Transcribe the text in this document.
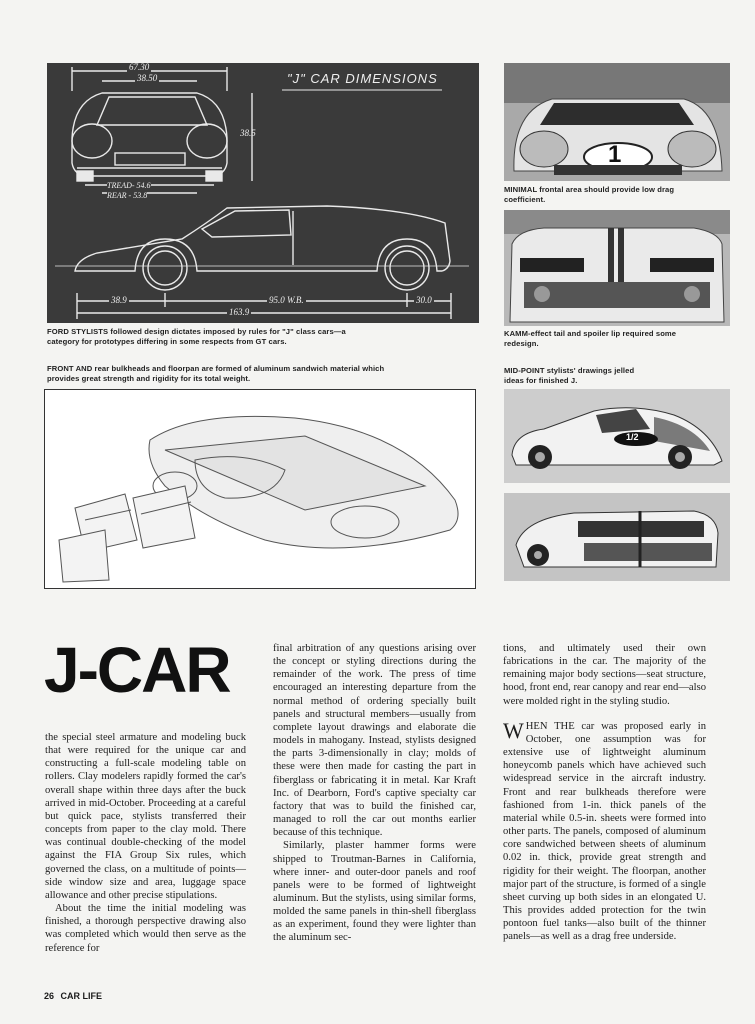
"J" CAR DIMENSIONS
67.30
38.50
38.5
TREAD- 54.6
REAR - 53.8
38.9	95.0 W.B.	30.0
163.9
FORD STYLISTS followed design dictates imposed by rules for "J" class cars—a category for prototypes differing in some respects from GT cars.
1
MINIMAL frontal area should provide low drag coefficient.
KAMM-effect tail and spoiler lip required some redesign.
FRONT AND rear bulkheads and floorpan are formed of aluminum sandwich material which provides great strength and rigidity for its total weight.
MID-POINT stylists' drawings jelled ideas for finished J.
1/2
J-CAR

the special steel armature and modeling buck that were required for the unique car and constructing a full-scale modeling table on rollers. Clay modelers rapidly formed the car's overall shape within three days after the buck arrived in mid-October. Proceeding at a careful but quick pace, stylists transferred their concepts from paper to the clay mold. There was continual double-checking of the model against the FIA Group Six rules, which governed the class, on a multitude of points—side window size and area, luggage space allowance and other precise stipulations.

About the time the initial modeling was finished, a thorough perspective drawing also was completed which would then serve as the reference for

final arbitration of any questions arising over the concept or styling directions during the remainder of the work. The press of time encouraged an interesting departure from the normal method of ordering specially built panels and structural members—usually from complete layout drawings and elaborate die models in mahogany. Instead, stylists designed the parts 3-dimensionally in clay; molds of these were then made for casting the part in fiberglass or fabricating it in metal. Kar Kraft Inc. of Dearborn, Ford's captive specialty car factory that was to build the finished car, managed to roll the car out months earlier because of this technique.

Similarly, plaster hammer forms were shipped to Troutman-Barnes in California, where inner- and outer-door panels and roof panels were to be formed of lightweight aluminum. But the stylists, using similar forms, molded the same panels in thin-shell fiberglass as an experiment, found they were lighter than the aluminum sec-

tions, and ultimately used their own fabrications in the car. The majority of the remaining major body sections—seat structure, hood, front end, rear canopy and rear end—also were molded right in the styling studio.

WHEN THE car was proposed early in October, one assumption was for extensive use of lightweight aluminum honeycomb panels which have achieved such widespread service in the aircraft industry. Front and rear bulkheads therefore were fashioned from 1-in. thick panels of the material while 0.5-in. sheets were formed into other parts. The panels, composed of aluminum core sandwiched between sheets of aluminum 0.02 in. thick, provide great strength and rigidity for their weight. The floorpan, another major part of the structure, is formed of a single sheet curving up both sides in an elongated U. This provides added protection for the twin pontoon fuel tanks—also built of the thinner panels—as well as a drag free underside.

26 CAR LIFE
